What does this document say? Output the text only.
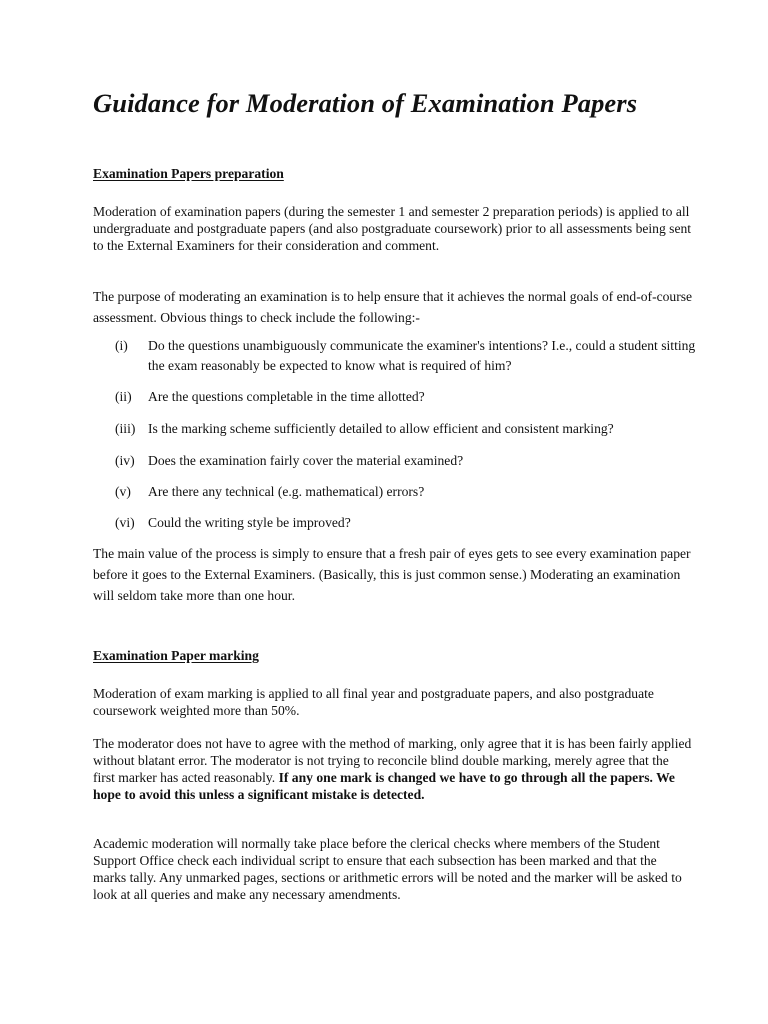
Guidance for Moderation of Examination Papers
Examination Papers preparation

Moderation of examination papers (during the semester 1 and semester 2 preparation periods) is applied to all undergraduate and postgraduate papers (and also postgraduate coursework) prior to all assessments being sent to the External Examiners for their consideration and comment.

The purpose of moderating an examination is to help ensure that it achieves the normal goals of end-of-course assessment. Obvious things to check include the following:-

(i) Do the questions unambiguously communicate the examiner's intentions? I.e., could a student sitting the exam reasonably be expected to know what is required of him?
(ii) Are the questions completable in the time allotted?
(iii) Is the marking scheme sufficiently detailed to allow efficient and consistent marking?
(iv) Does the examination fairly cover the material examined?
(v) Are there any technical (e.g. mathematical) errors?
(vi) Could the writing style be improved?

The main value of the process is simply to ensure that a fresh pair of eyes gets to see every examination paper before it goes to the External Examiners. (Basically, this is just common sense.) Moderating an examination will seldom take more than one hour.

Examination Paper marking

Moderation of exam marking is applied to all final year and postgraduate papers, and also postgraduate coursework weighted more than 50%.

The moderator does not have to agree with the method of marking, only agree that it is has been fairly applied without blatant error. The moderator is not trying to reconcile blind double marking, merely agree that the first marker has acted reasonably. If any one mark is changed we have to go through all the papers. We hope to avoid this unless a significant mistake is detected.

Academic moderation will normally take place before the clerical checks where members of the Student Support Office check each individual script to ensure that each subsection has been marked and that the marks tally. Any unmarked pages, sections or arithmetic errors will be noted and the marker will be asked to look at all queries and make any necessary amendments.
